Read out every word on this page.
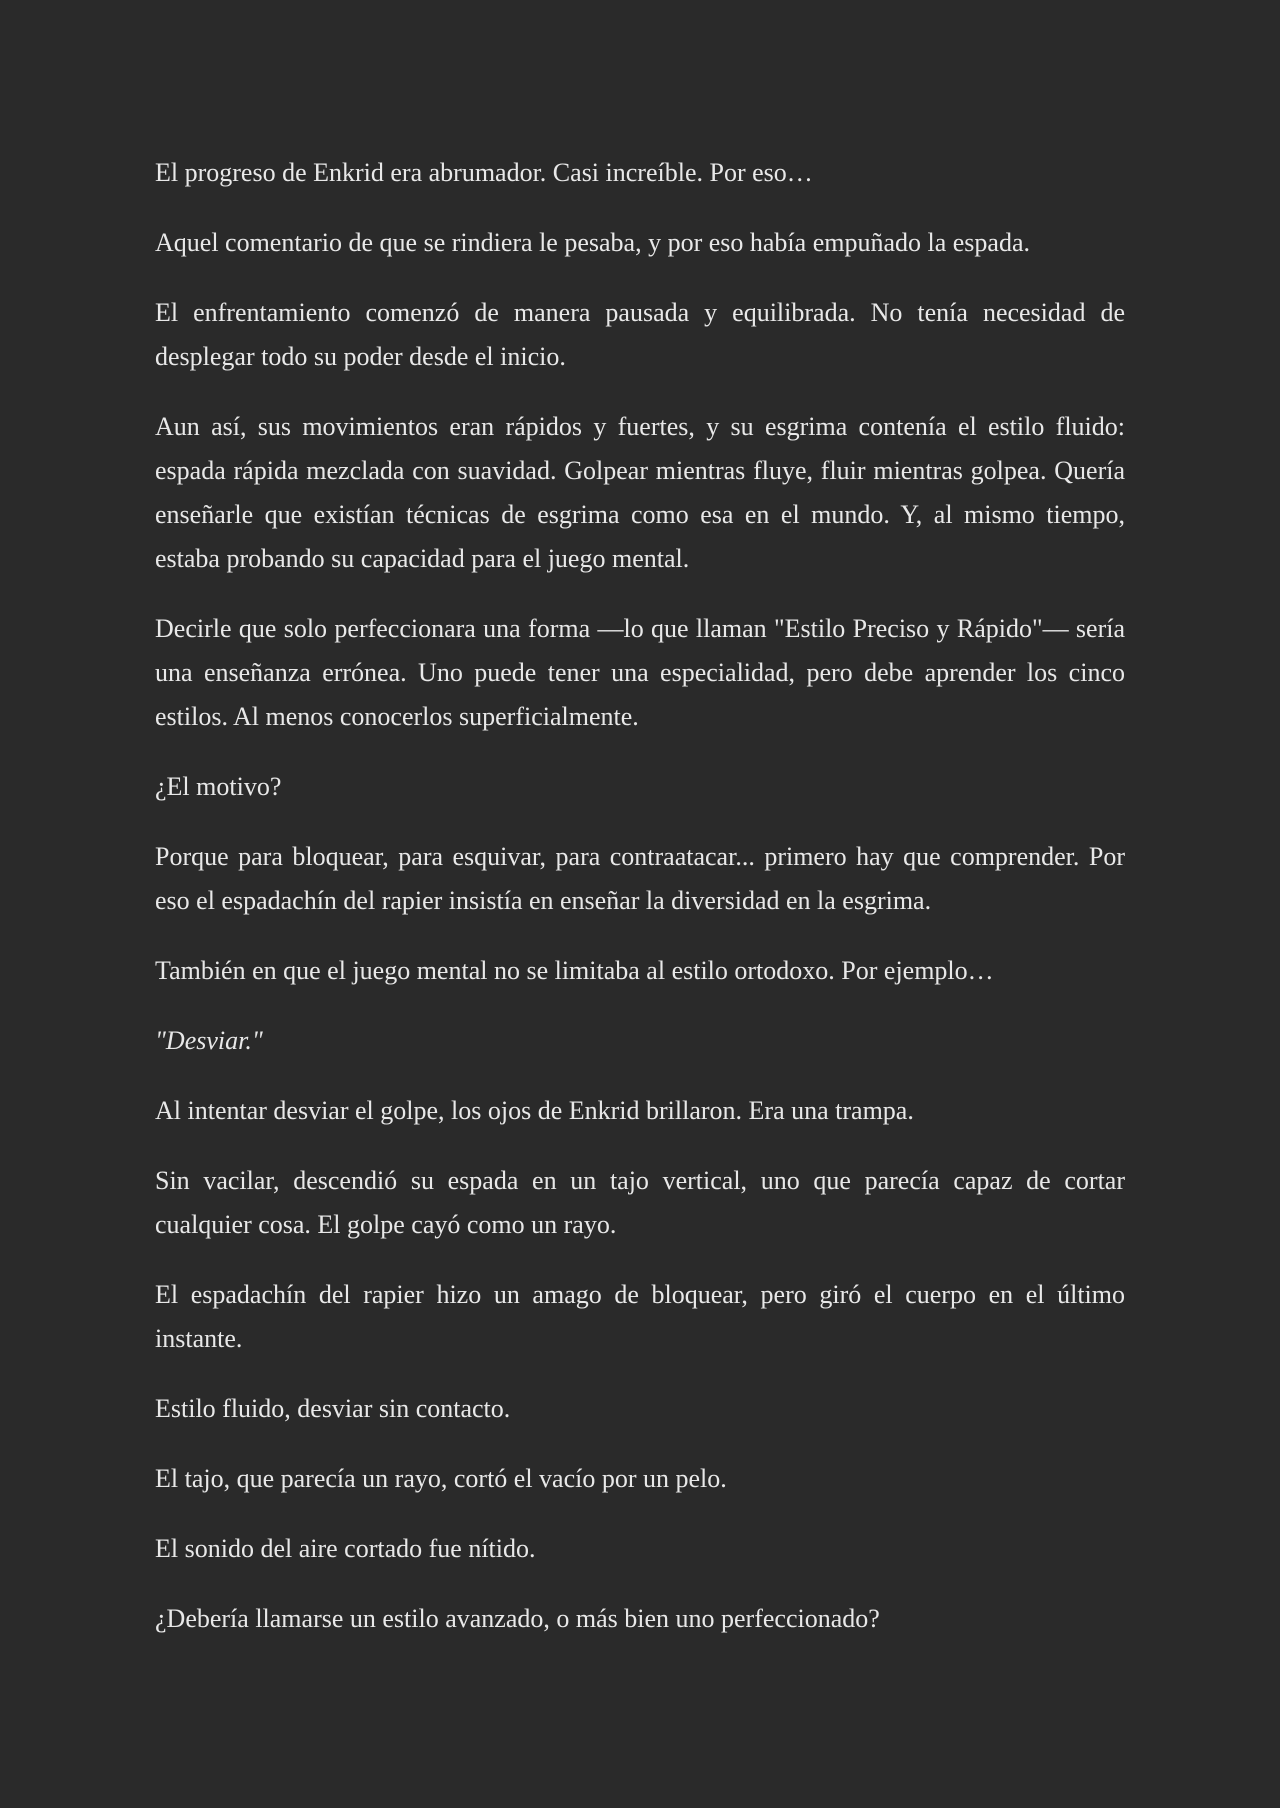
El progreso de Enkrid era abrumador. Casi increíble. Por eso…

Aquel comentario de que se rindiera le pesaba, y por eso había empuñado la espada.

El enfrentamiento comenzó de manera pausada y equilibrada. No tenía necesidad de desplegar todo su poder desde el inicio.

Aun así, sus movimientos eran rápidos y fuertes, y su esgrima contenía el estilo fluido: espada rápida mezclada con suavidad. Golpear mientras fluye, fluir mientras golpea. Quería enseñarle que existían técnicas de esgrima como esa en el mundo. Y, al mismo tiempo, estaba probando su capacidad para el juego mental.

Decirle que solo perfeccionara una forma —lo que llaman "Estilo Preciso y Rápido"— sería una enseñanza errónea. Uno puede tener una especialidad, pero debe aprender los cinco estilos. Al menos conocerlos superficialmente.

¿El motivo?

Porque para bloquear, para esquivar, para contraatacar... primero hay que comprender. Por eso el espadachín del rapier insistía en enseñar la diversidad en la esgrima.

También en que el juego mental no se limitaba al estilo ortodoxo. Por ejemplo…

"Desviar."

Al intentar desviar el golpe, los ojos de Enkrid brillaron. Era una trampa.

Sin vacilar, descendió su espada en un tajo vertical, uno que parecía capaz de cortar cualquier cosa. El golpe cayó como un rayo.

El espadachín del rapier hizo un amago de bloquear, pero giró el cuerpo en el último instante.

Estilo fluido, desviar sin contacto.

El tajo, que parecía un rayo, cortó el vacío por un pelo.

El sonido del aire cortado fue nítido.

¿Debería llamarse un estilo avanzado, o más bien uno perfeccionado?
